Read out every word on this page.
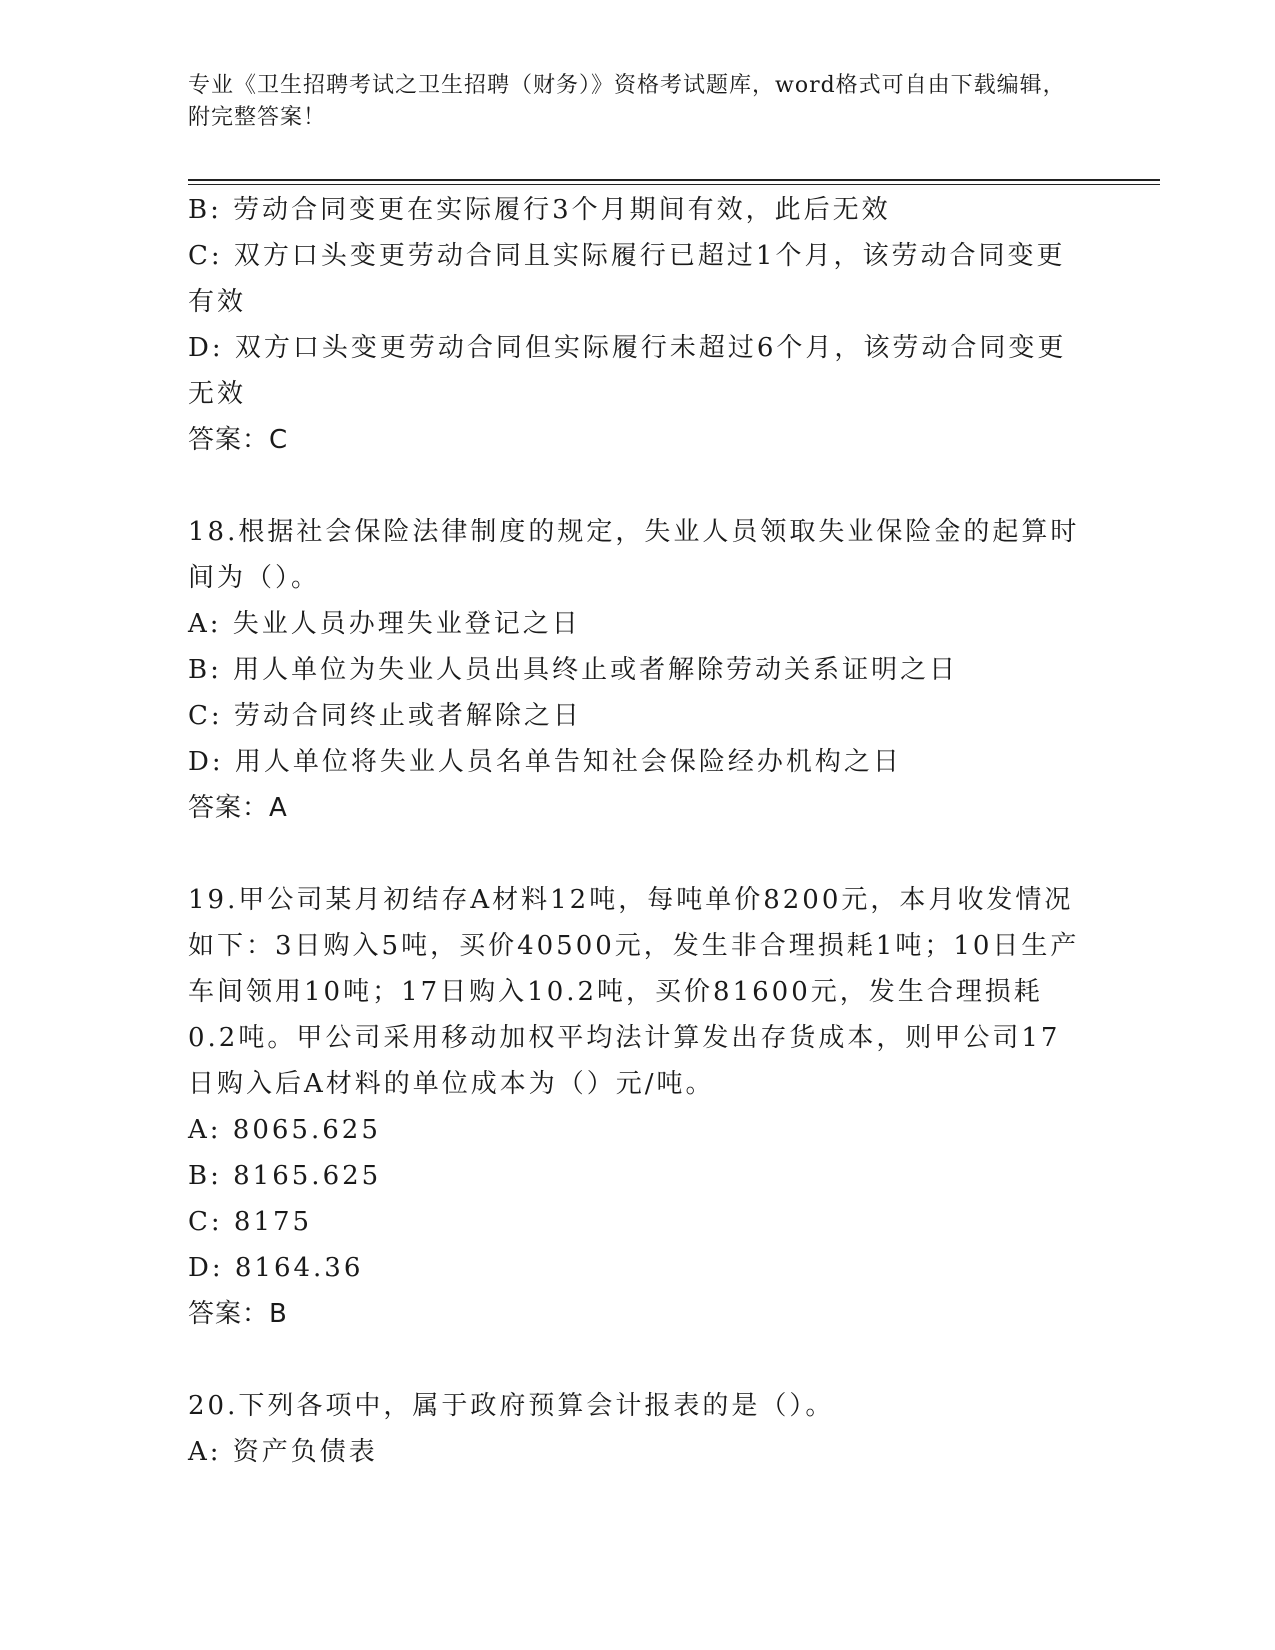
专业《卫生招聘考试之卫生招聘（财务）》资格考试题库，word格式可自由下载编辑，附完整答案！

B: 劳动合同变更在实际履行3个月期间有效，此后无效

C: 双方口头变更劳动合同且实际履行已超过1个月，该劳动合同变更有效

D: 双方口头变更劳动合同但实际履行未超过6个月，该劳动合同变更无效

答案：C

18.根据社会保险法律制度的规定，失业人员领取失业保险金的起算时间为（）。

A: 失业人员办理失业登记之日

B: 用人单位为失业人员出具终止或者解除劳动关系证明之日

C: 劳动合同终止或者解除之日

D: 用人单位将失业人员名单告知社会保险经办机构之日

答案：A

19.甲公司某月初结存A材料12吨，每吨单价8200元，本月收发情况如下：3日购入5吨，买价40500元，发生非合理损耗1吨；10日生产车间领用10吨；17日购入10.2吨，买价81600元，发生合理损耗0.2吨。甲公司采用移动加权平均法计算发出存货成本，则甲公司17日购入后A材料的单位成本为（）元/吨。

A: 8065.625

B: 8165.625

C: 8175

D: 8164.36

答案：B

20.下列各项中，属于政府预算会计报表的是（）。

A: 资产负债表
